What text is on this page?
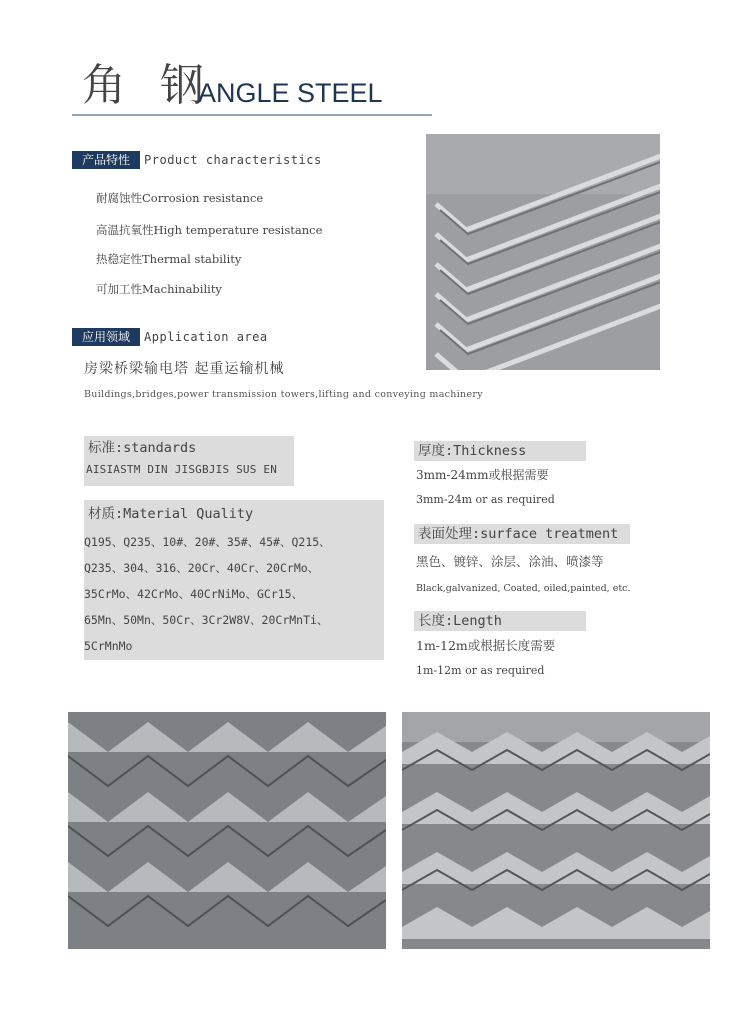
角 钢
ANGLE STEEL
产品特性	Product characteristics
耐腐蚀性Corrosion resistance
高温抗氧性High temperature resistance
热稳定性Thermal stability
可加工性Machinability
应用领域	Application area
房梁桥梁输电塔 起重运输机械
Buildings,bridges,power transmission towers,lifting and conveying machinery
标准:standards
AISIASTM DIN JISGBJIS SUS EN
材质:Material Quality
Q195、Q235、10#、20#、35#、45#、Q215、
Q235、304、316、20Cr、40Cr、20CrMo、
35CrMo、42CrMo、40CrNiMo、GCr15、
65Mn、50Mn、50Cr、3Cr2W8V、20CrMnTi、
5CrMnMo
厚度:Thickness
3mm-24mm或根据需要
3mm-24m or as required
表面处理:surface treatment
黑色、镀锌、涂层、涂油、喷漆等
Black,galvanized, Coated, oiled,painted, etc.
长度:Length
1m-12m或根据长度需要
1m-12m or as required
